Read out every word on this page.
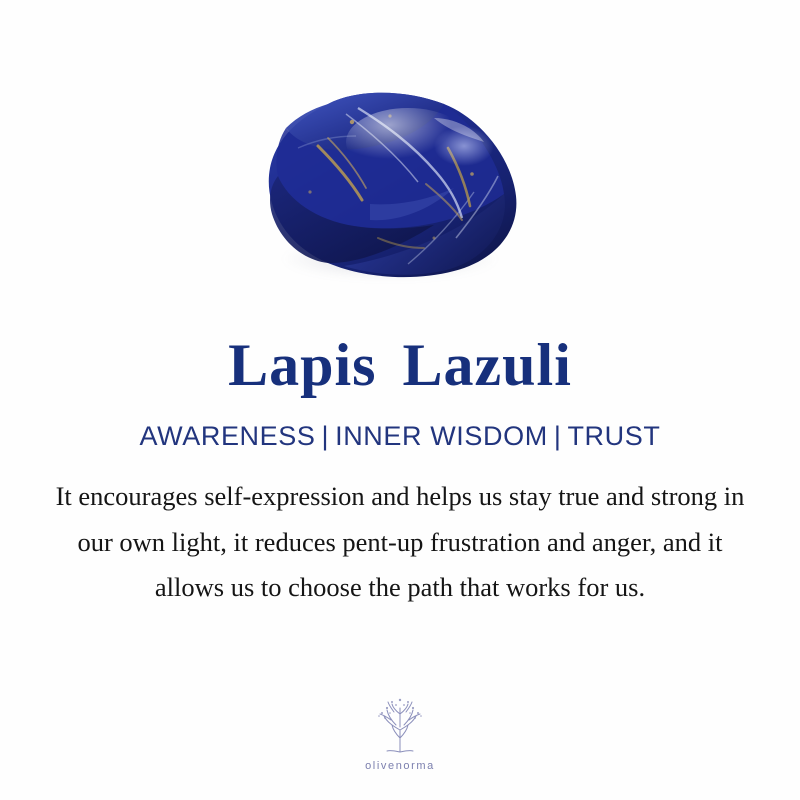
Lapis Lazuli
AWARENESS | INNER WISDOM | TRUST
It encourages self-expression and helps us stay true and strong in our own light, it reduces pent-up frustration and anger, and it allows us to choose the path that works for us.
olivenorma
